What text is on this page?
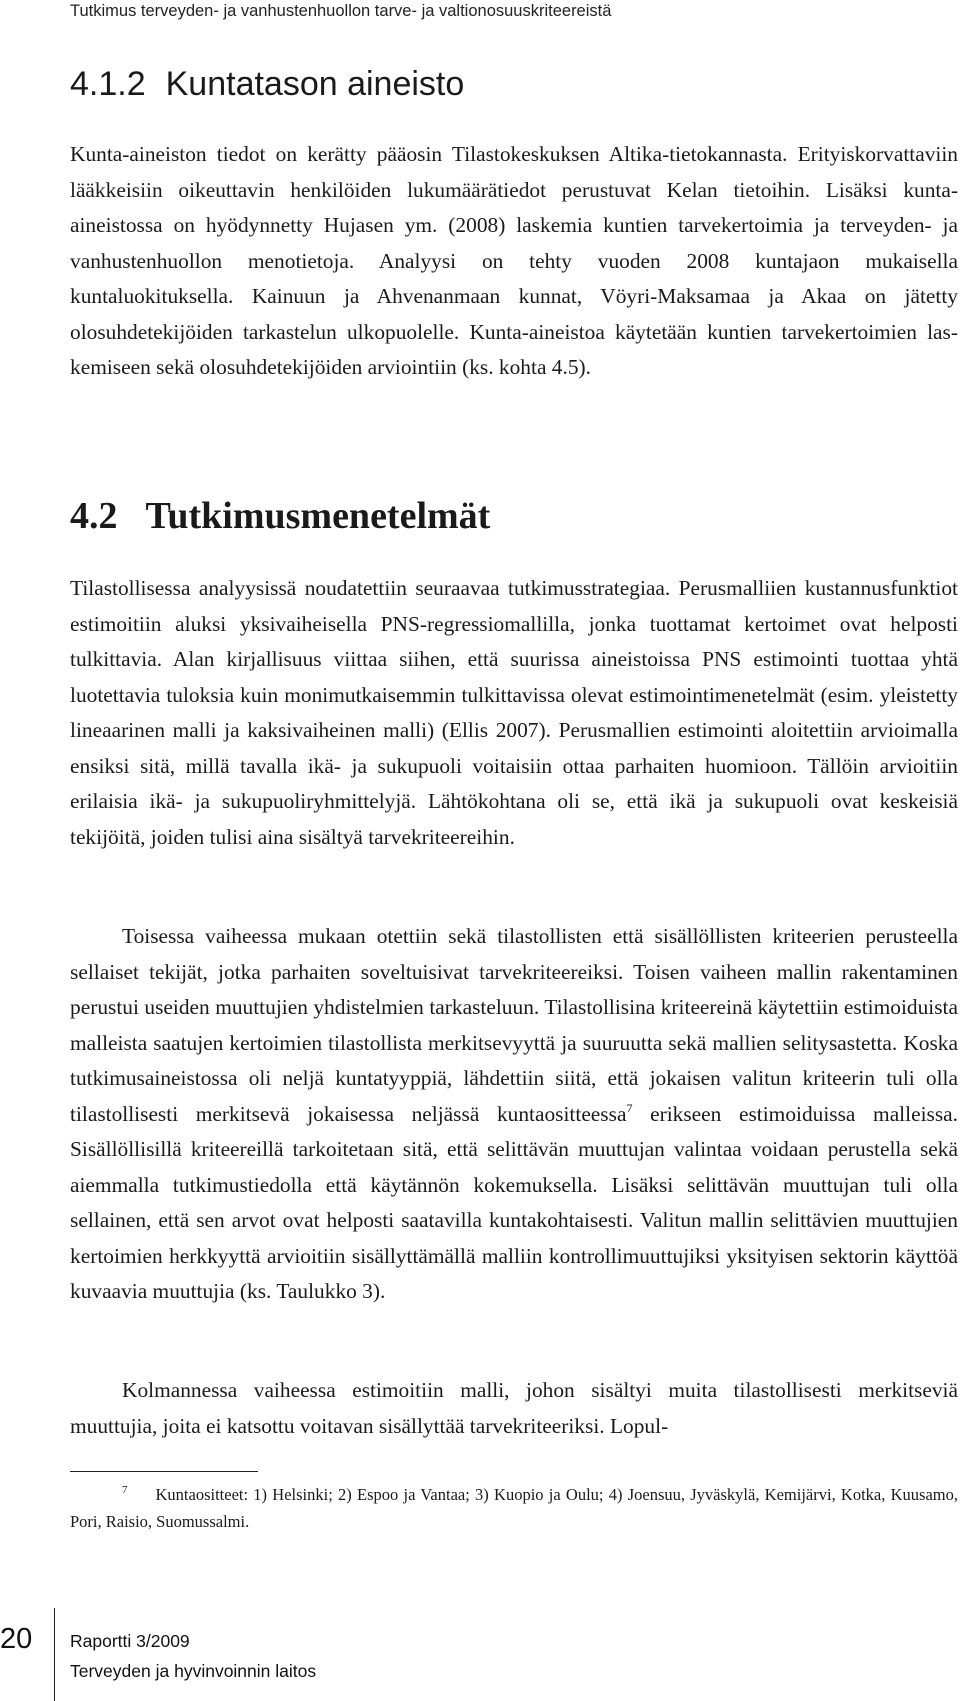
Tutkimus terveyden- ja vanhustenhuollon tarve- ja valtionosuuskriteereistä
4.1.2 Kuntatason aineisto

Kunta-aineiston tiedot on kerätty pääosin Tilastokeskuksen Altika-tietokannasta. Erityiskorvattaviin lääkkeisiin oikeuttavin henkilöiden lukumäärätiedot perustuvat Kelan tietoihin. Lisäksi kunta-aineistossa on hyödynnetty Hujasen ym. (2008) laskemia kuntien tarvekertoimia ja terveyden- ja vanhustenhuollon menotietoja. Analyysi on tehty vuoden 2008 kuntajaon mukaisella kuntaluokituksella. Kainuun ja Ahvenanmaan kunnat, Vöyri-Maksamaa ja Akaa on jätetty olosuhdetekijöiden tarkastelun ulkopuolelle. Kunta-aineistoa käytetään kuntien tarvekertoimien laskemiseen sekä olosuhdetekijöiden arviointiin (ks. kohta 4.5).

4.2 Tutkimusmenetelmät

Tilastollisessa analyysissä noudatettiin seuraavaa tutkimusstrategiaa. Perusmalliien kustannusfunktiot estimoitiin aluksi yksivaiheisella PNS-regressiomallilla, jonka tuottamat kertoimet ovat helposti tulkittavia. Alan kirjallisuus viittaa siihen, että suurissa aineistoissa PNS estimointi tuottaa yhtä luotettavia tuloksia kuin monimutkaisemmin tulkittavissa olevat estimointimenetelmät (esim. yleistetty lineaarinen malli ja kaksivaiheinen malli) (Ellis 2007). Perusmallien estimointi aloitettiin arvioimalla ensiksi sitä, millä tavalla ikä- ja sukupuoli voitaisiin ottaa parhaiten huomioon. Tällöin arvioitiin erilaisia ikä- ja sukupuoliryhmittelyjä. Lähtökohtana oli se, että ikä ja sukupuoli ovat keskeisiä tekijöitä, joiden tulisi aina sisältyä tarvekriteereihin.

Toisessa vaiheessa mukaan otettiin sekä tilastollisten että sisällöllisten kriteerien perusteella sellaiset tekijät, jotka parhaiten soveltuisivat tarvekriteereiksi. Toisen vaiheen mallin rakentaminen perustui useiden muuttujien yhdistelmien tarkasteluun. Tilastollisina kriteereinä käytettiin estimoiduista malleista saatujen kertoimien tilastollista merkitsevyyttä ja suuruutta sekä mallien selitysastetta. Koska tutkimusaineistossa oli neljä kuntatyyppiä, lähdettiin siitä, että jokaisen valitun kriteerin tuli olla tilastollisesti merkitsevä jokaisessa neljässä kuntaositteessa$^7$ erikseen estimoiduissa malleissa. Sisällöllisillä kriteereillä tarkoitetaan sitä, että selittävän muuttujan valintaa voidaan perustella sekä aiemmalla tutkimustiedolla että käytännön kokemuksella. Lisäksi selittävän muuttujan tuli olla sellainen, että sen arvot ovat helposti saatavilla kuntakohtaisesti. Valitun mallin selittävien muuttujien kertoimien herkkyyttä arvioitiin sisällyttämällä malliin kontrollimuuttujiksi yksityisen sektorin käyttöä kuvaavia muuttujia (ks. Taulukko 3).

Kolmannessa vaiheessa estimoitiin malli, johon sisältyi muita tilastollisesti merkitseviä muuttujia, joita ei katsottu voitavan sisällyttää tarvekriteeriksi. Lopul-

$^7$ Kuntaositteet: 1) Helsinki; 2) Espoo ja Vantaa; 3) Kuopio ja Oulu; 4) Joensuu, Jyväskylä, Kemijärvi, Kotka, Kuusamo, Pori, Raisio, Suomussalmi.

20 Raportti 3/2009
Terveyden ja hyvinvoinnin laitos
